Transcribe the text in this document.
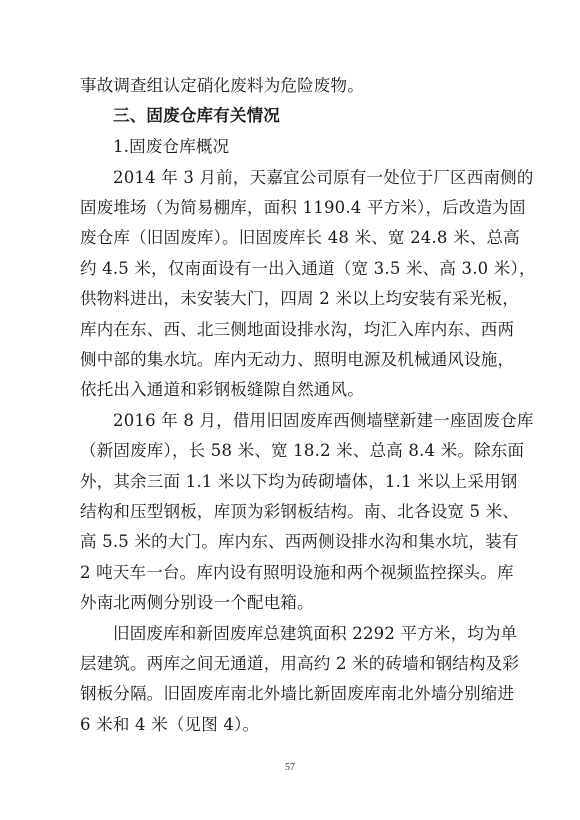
事故调查组认定硝化废料为危险废物。
三、固废仓库有关情况
1.固废仓库概况
2014 年 3 月前，天嘉宜公司原有一处位于厂区西南侧的
固废堆场（为简易棚库，面积 1190.4 平方米），后改造为固
废仓库（旧固废库）。旧固废库长 48 米、宽 24.8 米、总高
约 4.5 米，仅南面设有一出入通道（宽 3.5 米、高 3.0 米），
供物料进出，未安装大门，四周 2 米以上均安装有采光板，
库内在东、西、北三侧地面设排水沟，均汇入库内东、西两
侧中部的集水坑。库内无动力、照明电源及机械通风设施，
依托出入通道和彩钢板缝隙自然通风。
2016 年 8 月，借用旧固废库西侧墙壁新建一座固废仓库
（新固废库），长 58 米、宽 18.2 米、总高 8.4 米。除东面
外，其余三面 1.1 米以下均为砖砌墙体，1.1 米以上采用钢
结构和压型钢板，库顶为彩钢板结构。南、北各设宽 5 米、
高 5.5 米的大门。库内东、西两侧设排水沟和集水坑，装有
2 吨天车一台。库内设有照明设施和两个视频监控探头。库
外南北两侧分别设一个配电箱。
旧固废库和新固废库总建筑面积 2292 平方米，均为单
层建筑。两库之间无通道，用高约 2 米的砖墙和钢结构及彩
钢板分隔。旧固废库南北外墙比新固废库南北外墙分别缩进
6 米和 4 米（见图 4）。
57
